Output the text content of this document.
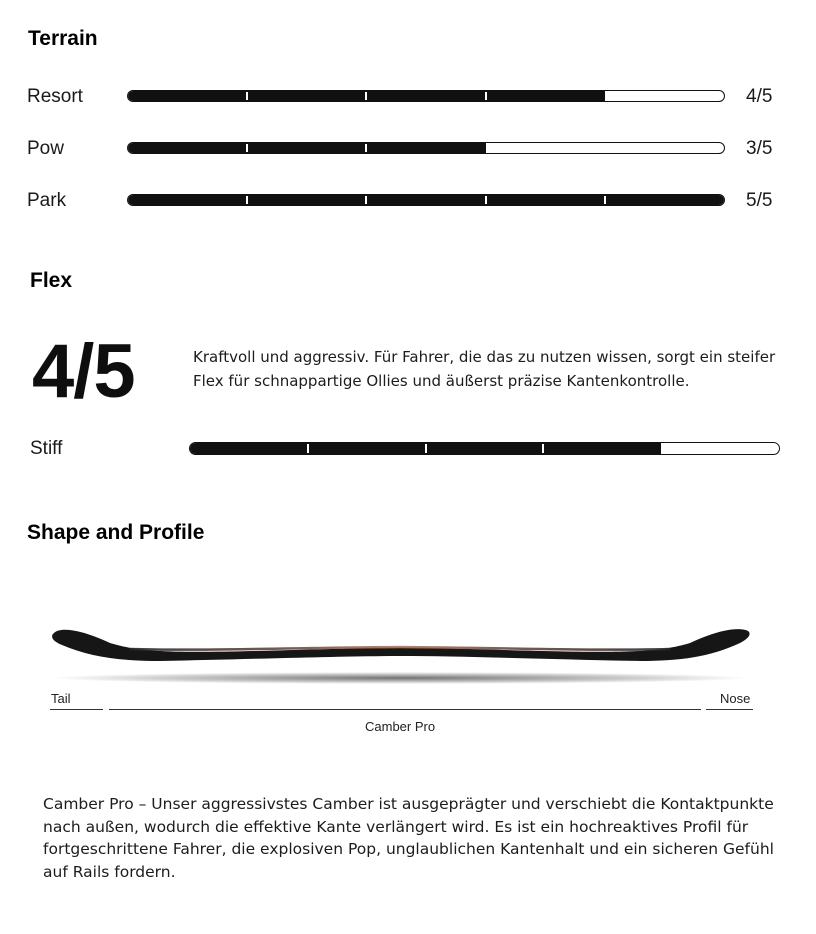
Terrain
Resort	4/5
Pow	3/5
Park	5/5
Flex
4/5	Kraftvoll und aggressiv. Für Fahrer, die das zu nutzen wissen, sorgt ein steifer
Flex für schnappartige Ollies und äußerst präzise Kantenkontrolle.
Stiff
Shape and Profile
Tail	Nose
Camber Pro
Camber Pro – Unser aggressivstes Camber ist ausgeprägter und verschiebt die Kontaktpunkte
nach außen, wodurch die effektive Kante verlängert wird. Es ist ein hochreaktives Profil für
fortgeschrittene Fahrer, die explosiven Pop, unglaublichen Kantenhalt und ein sicheren Gefühl
auf Rails fordern.
